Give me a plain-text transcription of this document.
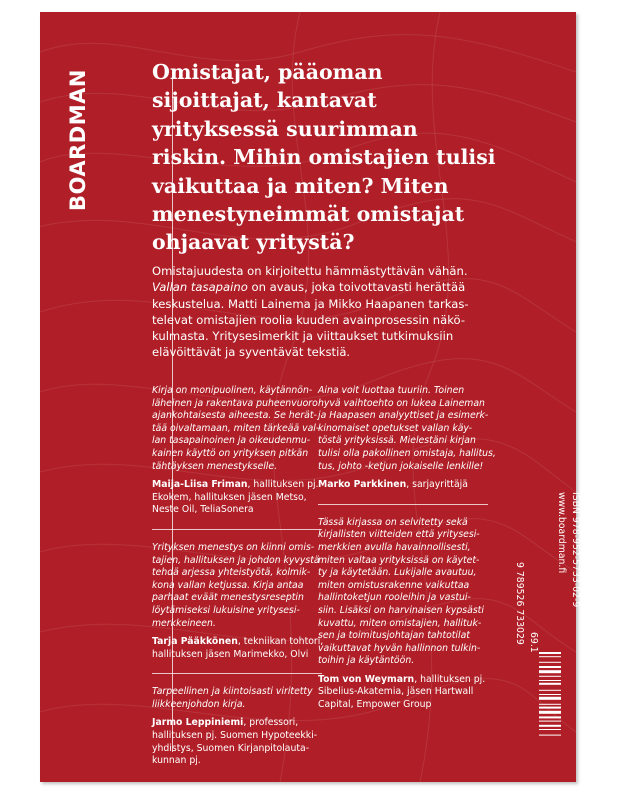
ISBN 978-952-5733-02-9
www.boardman.fi
69.1
9 789526 733029
BOARDMAN	Omistajat, pääoman
sijoittajat, kantavat
yrityksessä suurimman
riskin. Mihin omistajien tulisi
vaikuttaa ja miten? Miten
menestyneimmät omistajat
ohjaavat yritystä?

Omistajuudesta on kirjoitettu hämmästyttävän vähän.
Vallan tasapaino on avaus, joka toivottavasti herättää
keskustelua. Matti Lainema ja Mikko Haapanen tarkas-
televat omistajien roolia kuuden avainprosessin näkö-
kulmasta. Yritysesimerkit ja viittaukset tutkimuksiin
elävöittävät ja syventävät tekstiä.

Kirja on monipuolinen, käytännön-
läheinen ja rakentava puheenvuoro
ajankohtaisesta aiheesta. Se herät-
tää oivaltamaan, miten tärkeää val-
lan tasapainoinen ja oikeudenmu-
kainen käyttö on yrityksen pitkän
tähtäyksen menestykselle.

Maija-Liisa Friman, hallituksen pj.
Ekokem, hallituksen jäsen Metso,
Neste Oil, TeliaSonera

Yrityksen menestys on kiinni omis-
tajien, hallituksen ja johdon kyvystä
tehdä arjessa yhteistyötä, kolmik-
kona vallan ketjussa. Kirja antaa
parhaat eväät menestysreseptin
löytämiseksi lukuisine yritysesi-
merkkeineen.

Tarja Pääkkönen, tekniikan tohtori,
hallituksen jäsen Marimekko, Olvi

Tarpeellinen ja kiintoisasti viritetty
liikkeenjohdon kirja.

Jarmo Leppiniemi, professori,
hallituksen pj. Suomen Hypoteekki-
yhdistys, Suomen Kirjanpitolauta-
kunnan pj.

Aina voit luottaa tuuriin. Toinen
hyvä vaihtoehto on lukea Laineman
ja Haapasen analyyttiset ja esimerk-
kinomaiset opetukset vallan käy-
töstä yrityksissä. Mielestäni kirjan
tulisi olla pakollinen omistaja, hallitus,
tus, johto -ketjun jokaiselle lenkille!

Marko Parkkinen, sarjayrittäjä

Tässä kirjassa on selvitetty sekä
kirjallisten viitteiden että yritysesi-
merkkien avulla havainnollisesti,
miten valtaa yrityksissä on käytet-
ty ja käytetään. Lukijalle avautuu,
miten omistusrakenne vaikuttaa
hallintoketjun rooleihin ja vastui-
siin. Lisäksi on harvinaisen kypsästi
kuvattu, miten omistajien, hallituk-
sen ja toimitusjohtajan tahtotilat
vaikuttavat hyvän hallinnon tulkin-
toihin ja käytäntöön.

Tom von Weymarn, hallituksen pj.
Sibelius-Akatemia, jäsen Hartwall
Capital, Empower Group
